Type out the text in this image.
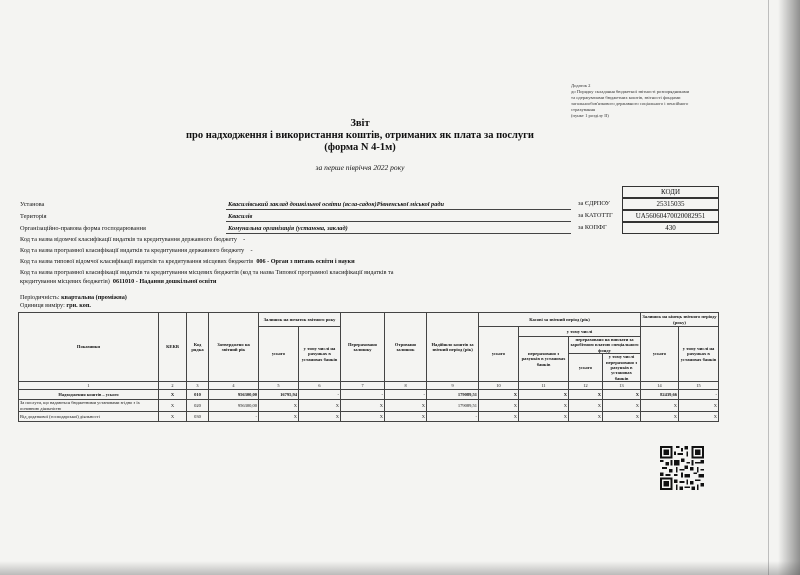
Додаток 2
до Порядку складання бюджетної звітності розпорядниками
та одержувачами бюджетних коштів, звітності фондами
загальнообов'язкового державного соціального і пенсійного
страхування
(пункт 1 розділу II)
Звіт
про надходження і використання коштів, отриманих як плата за послуги
(форма N 4-1м)
за перше півріччя 2022 року
КОДИ
за ЄДРПОУ	25315035
за КАТОТТГ	UA56060470020082951
за КОПФГ	430
Установа	Квасилівський заклад дошкільної освіти (ясла-садок)Рівненської міської ради
Територія	Квасилів
Організаційно-правова форма господарювання	Комунальна організація (установа, заклад)
Код та назва відомчої класифікації видатків та кредитування державного бюджету -
Код та назва програмної класифікації видатків та кредитування державного бюджету -
Код та назва типової відомчої класифікації видатків та кредитування місцевих бюджетів 006 - Орган з питань освіти і науки
Код та назва програмної класифікації видатків та кредитування місцевих бюджетів (код та назва Типової програмної класифікації видатків та
кредитування місцевих бюджетів) 0611010 - Надання дошкільної освіти
Періодичність: квартальна (проміжна)
Одиниця виміру: грн. коп.
Показники	КЕКВ	Код рядка	Затверджено на звітний рік	Залишок на початок звітного року		Перераховано залишку	Отримано залишок	Надійшло коштів за звітний період (рік)	Касові за звітний період (рік)				Залишок на кінець звітного періоду (року)	
				усього	у тому числі на рахунках в установах банків				усього	у тому числі			усього	у тому числі на рахунках в установах банків
										перераховано з рахунків в установах банків	перераховано на виплати за заробітною платою спеціального фонду			
											усього	у тому числі перераховано з рахунків в установах банків		
1	2	3	4	5	6	7	8	9	10	11	12	13	14	15
Надходження коштів – усього	X	010	956300,00	16795,94	-	-	-	179089,51	X	X	X	X	82439,66	-
За послуги, що надаються бюджетними установами згідно з їх основною діяльністю	X	020	956300,00	X	X	X	X	179089,51	X	X	X	X	X	X
Від додаткової (господарської) діяльності	X	030	-	X	X	X	X	-	X	X	X	X	X	X
